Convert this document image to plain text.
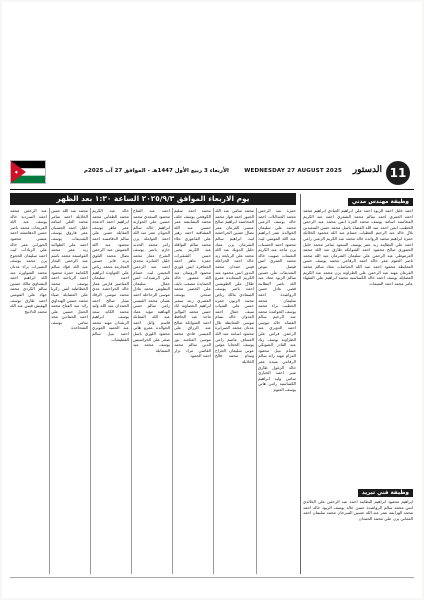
11
الدستور
WEDNESDAY 27 AUGUST 2025
الأربعاء 3 ربيع الأول 1447هـ - الموافق 27 آب 2025م
يوم الاربعاء الموافق ٢٠٢٥/٩/٣ الساعة ١:٣٠ بعد الظهر

عبد الرحمن محمد احمد السردية خالد يوسف عبد الله الفريحات محمد ناصر حسن الدهامشة احمد عيسى محمود الحوراني عمر خالد علي الزيادات ليث احمد سليمان الحجوج يزن محمد يوسف النصيرات براء عدنان محمد الشواورة عبد الله ابراهيم احمد البشتاوي مالك حسين سالم الكردي محمد جهاد علي المومني احمد طارق يوسف الهقيش قيس عبد الله محمد الدلابيح

محمد عبد الله حسن الخلايلة احمد سامر محمد العلي اسامة خليل احمد الحسبان عمر فاروق يوسف الشديفات يوسف احمد علي الطوالبة زيد عمر محمد القواسمة محمد باسم عبد الرحمن النجار عبد الله فؤاد سالم الكعابنة حمزة محمود احمد الرياحنة احمد يوسف محمد الخطاطبة انس زكريا علي العضايلة ضياء محمد حسين الهنداوي رائد عبد الفتاح محمد الجمل حسين علي احمد الحمادين مجد سامي يوسف الشحاحدة

خالد عبد الكريم محمد الطعاني محمد ابراهيم احمد الدعجة عمر ماهر يوسف العقايلة حسن علي سالم الدقامسة احمد محمود عبد الله العموش عبد الرحمن نضال محمد البلوي يزيد فايز حسين العجارمة محمد رياض علي العواودة ابراهيم احمد سليمان المناصير فارس عمار خالد الحراحشة عدي محمد موسى الرقاد بشار صالح احمد الحمدان عبد الله وليد محمد الكايد سعد يوسف ابراهيم الرشدان مهند محمد عبد الحميد الغويري احمد نبيل سالم القطيشات

احمد عبد الفتاح محمود السعدي محمد حسين علي الجوارنة ابراهيم خالد سالم الحويان عمر عبد الله احمد العواملة يزن رامز محمد الحديد حازم ياسر يوسف الشرع عمار محمد خليل العنانزة مجدي احمد عبد الرحمن النعيمي ليث حسام علي الرشيدات انس جمال سليمان البطوش محمد عادل موسى الرحاحلة احمد غسان محمد القيسي رامي سالم حسن الهباهبة مؤيد عماد عبد الله المقابلة قاسم وائل احمد الخوالدة عمرو هاني محمود اللوزي باسل صخر علي الحراسيس يوسف محمد عيد الشمايلة

محمد احمد سليم الكوفحي يوسف خلف محمد البشابشة عمر حسين عبد الله المشاقبة احمد زهير علي الفاعوري علاء محمد سالم النوافلة عبد الكريم يحيى حسن الشقيرات حمزة ماهر احمد الجعافرة ايمن فوزي محمود الروسان عبد الله منصور خالد الحمايدة مصعب نايف علي الخضير محمد صبحي يوسف المصري رعد سمير ابراهيم الخصاونة اياد حسن محمد البواليز ماجد عبد الحافظ احمد الشوابكة صالح عبد الرزاق علي العيسى فادي محمد موسى العثامنة نور الدين سالم محمد القاضي مراد نزار احمد الحمود

محمد سامي عبد الله الجبور احمد فواز محمد المحاسنة ابراهيم صالح عيسى القرعان عمر نضال حسين الحراحشة ليث ابراهيم سالم الشرمان يزن عماد خليل الدويك عبد الله محمد علي الربابعة زيد خالد احمد الخزاعلة قيس حمدان محمد البدور انس محمود عبد الكريم السعايدة عمرو طلال علي الطويسي احمد ناصر يوسف الصمادي مالك رياض محمد الزبون حمزة حسن علي الشياب سيف جمال احمد العدوان خالد بسام موسى المعايطة بلال عدنان محمد الصرايرة محمود اسامة عبد الله العساف عاصم رامي يوسف الحجايا مؤمن عوني سليمان الجراح وسام محمد فالح الخلايلة

حمزة عبد الرحمن محمد العبداللات احمد خالد يوسف الزعبي محمد علي سليمان الخوالدة عمر ابراهيم عبد الله المومني ليث محمود احمد الحسنات يزن ماجد عبد الكريم النعيمات صهيب خالد محمد العمري انس فيصل عوض الشديفات علي حسين سالم الزيود معاذ عبد الله ناصر البطاينة قصي عادل حسن الرواشدة احمد سليمان محمد الخطيب براء محمد يوسف الحوامدة محمد عبد الرحيم سالم القضاة خالد موسى احمد الدويري عبد الرحمن فراس علي الطراونة يوسف زياد عبد القادر الشوبكي حسام نبيل محمود العزام مهند رائد سالم الرفاعي عبيدة عمر خالد الزغول طارق منير احمد الحياري سامي وليد ابراهيم الكساسبة رامي هاني يوسف العتوم

وظيفة مهندس مدني

احمد خليل احمد الزيود احمد علي ابراهيم العبادي ابراهيم محمد احمد العمري احمد سالم محمد الشمري احمد عبد الكريم المحاسنة اسامة يوسف محمد العزة انس محمد عبد الرحمن الخطيب ايمن احمد عبد الله القضاة باسل محمد حسن السعيدين بلال خالد عبد الرحيم العطيات حسام عبد الله محمود الخلايلة حمزة ابراهيم محمد الروابدة خالد محمد عبد الكريم الزعبي رامي احمد علي البطاينة زيد عمر يوسف السعود سامر محمد خليل الحموري صالح محمود احمد الشوابكة طارق عبد الله محمد العرموطي عبد الرحمن علي سليمان الشرمان عبد الله محمد ناصر العتوم عمر خالد احمد الرفاعي محمد يوسف حسن المعايطة محمود احمد عبد الله الحياصات معاذ سالم محمد القرعان مهند عبد الرحمن علي الطراونة يزن محمد عبد الكريم العضايلة يوسف احمد خالد الكساسبة محمد ابراهيم علي الفقهاء عامر محمد احمد النعيمات

وظيفة فني تبريد

ابراهيم محمود ابراهيم البطاينة احمد عبد الرحمن علي الخالدي انس محمد سالم الرواشدة حسن خالد يوسف الزيود خالد احمد محمد الهزايمة عمر عبد الله حسين السرحان محمد سليمان احمد المعاني يزن علي محمد الحمدان
